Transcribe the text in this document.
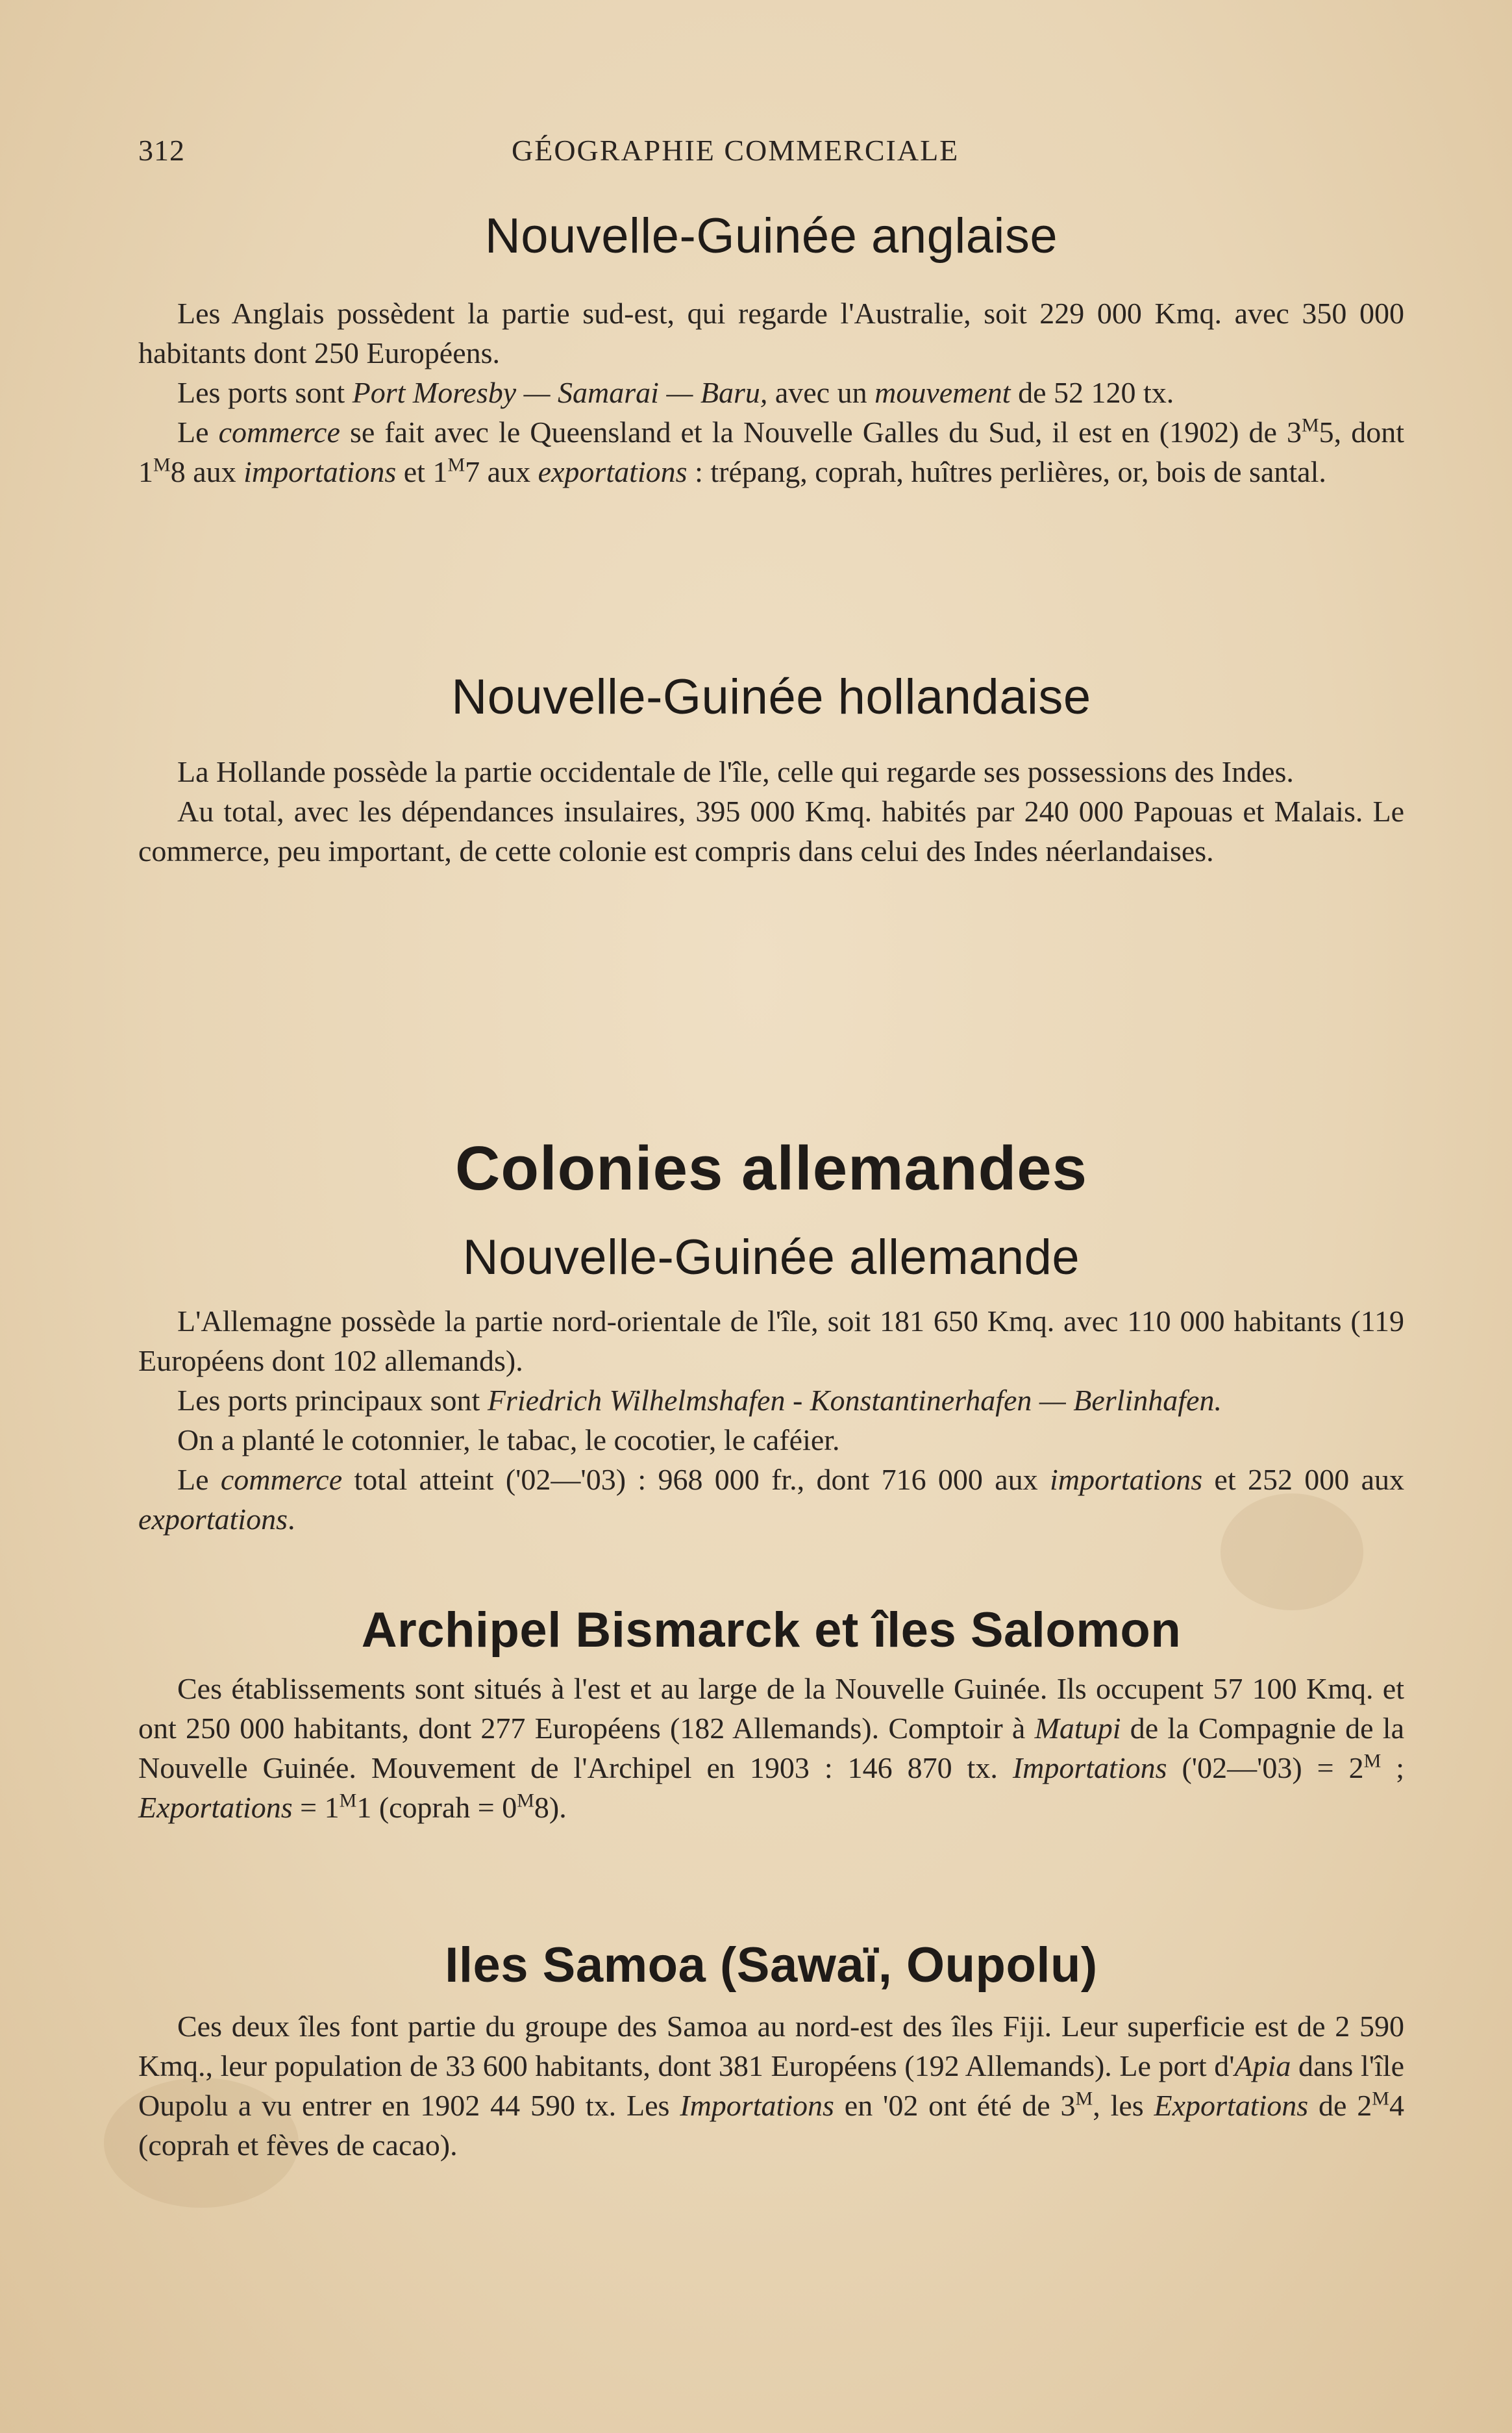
312	GÉOGRAPHIE COMMERCIALE
Nouvelle-Guinée anglaise

Les Anglais possèdent la partie sud-est, qui regarde l'Australie, soit 229 000 Kmq. avec 350 000 habitants dont 250 Européens.

Les ports sont Port Moresby — Samarai — Baru, avec un mouvement de 52 120 tx.

Le commerce se fait avec le Queensland et la Nouvelle Galles du Sud, il est en (1902) de $3^M5$, dont $1^M8$ aux importations et $1^M7$ aux exportations : trépang, coprah, huîtres perlières, or, bois de santal.

Nouvelle-Guinée hollandaise

La Hollande possède la partie occidentale de l'île, celle qui regarde ses possessions des Indes.

Au total, avec les dépendances insulaires, 395 000 Kmq. habités par 240 000 Papouas et Malais. Le commerce, peu important, de cette colonie est compris dans celui des Indes néerlandaises.

Colonies allemandes
Nouvelle-Guinée allemande

L'Allemagne possède la partie nord-orientale de l'île, soit 181 650 Kmq. avec 110 000 habitants (119 Européens dont 102 allemands).

Les ports principaux sont Friedrich Wilhelmshafen - Konstantinerhafen — Berlinhafen.

On a planté le cotonnier, le tabac, le cocotier, le caféier.

Le commerce total atteint ('02—'03) : 968 000 fr., dont 716 000 aux importations et 252 000 aux exportations.

Archipel Bismarck et îles Salomon

Ces établissements sont situés à l'est et au large de la Nouvelle Guinée. Ils occupent 57 100 Kmq. et ont 250 000 habitants, dont 277 Européens (182 Allemands). Comptoir à Matupi de la Compagnie de la Nouvelle Guinée. Mouvement de l'Archipel en 1903 : 146 870 tx. Importations ('02—'03) = $2^M$ ; Exportations = $1^M1$ (coprah = $0^M8$).

Iles Samoa (Sawaï, Oupolu)

Ces deux îles font partie du groupe des Samoa au nord-est des îles Fiji. Leur superficie est de 2 590 Kmq., leur population de 33 600 habitants, dont 381 Européens (192 Allemands). Le port d'Apia dans l'île Oupolu a vu entrer en 1902 44 590 tx. Les Importations en '02 ont été de $3^M$, les Exportations de $2^M4$ (coprah et fèves de cacao).
